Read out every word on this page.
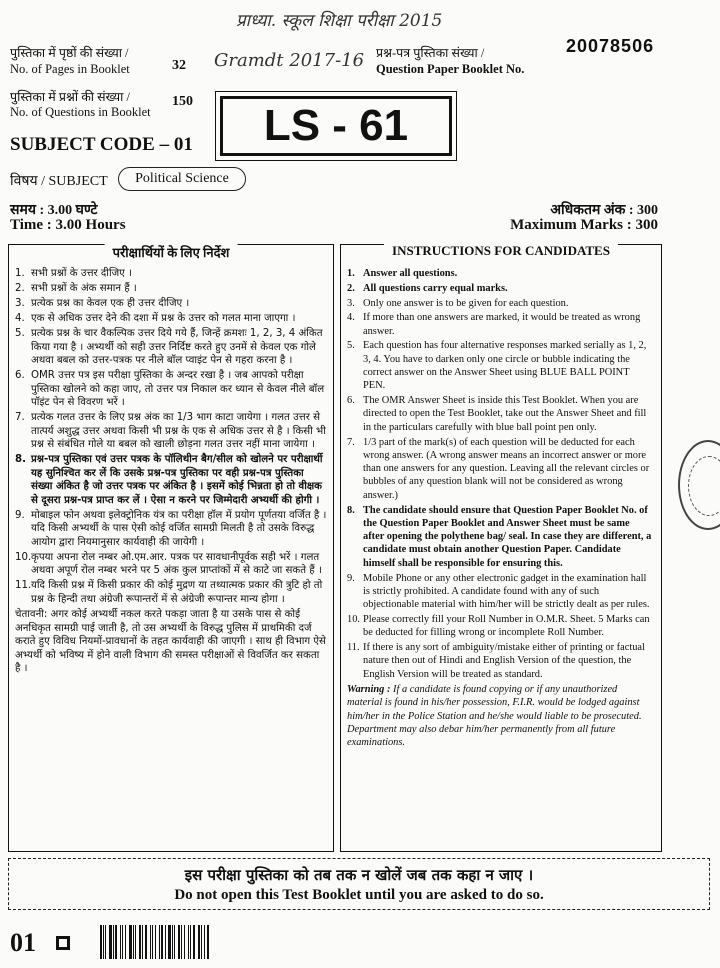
प्राध्या. स्कूल शिक्षा परीक्षा 2015
20078506
पुस्तिका में पृष्ठों की संख्या /
No. of Pages in Booklet	32 Gramdt 2017-16 प्रश्न-पत्र पुस्तिका संख्या /
Question Paper Booklet No.
पुस्तिका में प्रश्नों की संख्या /
No. of Questions in Booklet
150	LS - 61
SUBJECT CODE – 01
विषय / SUBJECT	Political Science
समय : 3.00 घण्टे
Time : 3.00 Hours
अधिकतम अंक : 300
Maximum Marks : 300
परीक्षार्थियों के लिए निर्देश
1. सभी प्रश्नों के उत्तर दीजिए ।
2. सभी प्रश्नों के अंक समान हैं ।
3. प्रत्येक प्रश्न का केवल एक ही उत्तर दीजिए ।
4. एक से अधिक उत्तर देने की दशा में प्रश्न के उत्तर को गलत माना जाएगा ।
5. प्रत्येक प्रश्न के चार वैकल्पिक उत्तर दिये गये हैं, जिन्हें क्रमशः 1, 2, 3, 4 अंकित किया गया है । अभ्यर्थी को सही उत्तर निर्दिष्ट करते हुए उनमें से केवल एक गोले अथवा बबल को उत्तर-पत्रक पर नीले बॉल प्वाइंट पेन से गहरा करना है ।
6. OMR उत्तर पत्र इस परीक्षा पुस्तिका के अन्दर रखा है । जब आपको परीक्षा पुस्तिका खोलने को कहा जाए, तो उत्तर पत्र निकाल कर ध्यान से केवल नीले बॉल पॉइंट पेन से विवरण भरें ।
7. प्रत्येक गलत उत्तर के लिए प्रश्न अंक का 1/3 भाग काटा जायेगा । गलत उत्तर से तात्पर्य अशुद्ध उत्तर अथवा किसी भी प्रश्न के एक से अधिक उत्तर से है । किसी भी प्रश्न से संबंधित गोले या बबल को खाली छोड़ना गलत उत्तर नहीं माना जायेगा ।
8. प्रश्न-पत्र पुस्तिका एवं उत्तर पत्रक के पॉलिथीन बैग/सील को खोलने पर परीक्षार्थी यह सुनिश्चित कर लें कि उसके प्रश्न-पत्र पुस्तिका पर वही प्रश्न-पत्र पुस्तिका संख्या अंकित है जो उत्तर पत्रक पर अंकित है । इसमें कोई भिन्नता हो तो वीक्षक से दूसरा प्रश्न-पत्र प्राप्त कर लें । ऐसा न करने पर जिम्मेदारी अभ्यर्थी की होगी ।
9. मोबाइल फोन अथवा इलेक्ट्रोनिक यंत्र का परीक्षा हॉल में प्रयोग पूर्णतया वर्जित है । यदि किसी अभ्यर्थी के पास ऐसी कोई वर्जित सामग्री मिलती है तो उसके विरुद्ध आयोग द्वारा नियमानुसार कार्यवाही की जायेगी ।
10. कृपया अपना रोल नम्बर ओ.एम.आर. पत्रक पर सावधानीपूर्वक सही भरें । गलत अथवा अपूर्ण रोल नम्बर भरने पर 5 अंक कुल प्राप्तांकों में से काटे जा सकते हैं ।
11. यदि किसी प्रश्न में किसी प्रकार की कोई मुद्रण या तथ्यात्मक प्रकार की त्रुटि हो तो प्रश्न के हिन्दी तथा अंग्रेजी रूपान्तरों में से अंग्रेजी रूपान्तर मान्य होगा ।
चेतावनी: अगर कोई अभ्यर्थी नकल करते पकड़ा जाता है या उसके पास से कोई अनधिकृत सामग्री पाई जाती है, तो उस अभ्यर्थी के विरुद्ध पुलिस में प्राथमिकी दर्ज कराते हुए विविध नियमों-प्रावधानों के तहत कार्यवाही की जाएगी । साथ ही विभाग ऐसे अभ्यर्थी को भविष्य में होने वाली विभाग की समस्त परीक्षाओं से विवर्जित कर सकता है ।
INSTRUCTIONS FOR CANDIDATES
1. Answer all questions.
2. All questions carry equal marks.
3. Only one answer is to be given for each question.
4. If more than one answers are marked, it would be treated as wrong answer.
5. Each question has four alternative responses marked serially as 1, 2, 3, 4. You have to darken only one circle or bubble indicating the correct answer on the Answer Sheet using BLUE BALL POINT PEN.
6. The OMR Answer Sheet is inside this Test Booklet. When you are directed to open the Test Booklet, take out the Answer Sheet and fill in the particulars carefully with blue ball point pen only.
7. 1/3 part of the mark(s) of each question will be deducted for each wrong answer. (A wrong answer means an incorrect answer or more than one answers for any question. Leaving all the relevant circles or bubbles of any question blank will not be considered as wrong answer.)
8. The candidate should ensure that Question Paper Booklet No. of the Question Paper Booklet and Answer Sheet must be same after opening the polythene bag/ seal. In case they are different, a candidate must obtain another Question Paper. Candidate himself shall be responsible for ensuring this.
9. Mobile Phone or any other electronic gadget in the examination hall is strictly prohibited. A candidate found with any of such objectionable material with him/her will be strictly dealt as per rules.
10. Please correctly fill your Roll Number in O.M.R. Sheet. 5 Marks can be deducted for filling wrong or incomplete Roll Number.
11. If there is any sort of ambiguity/mistake either of printing or factual nature then out of Hindi and English Version of the question, the English Version will be treated as standard.
Warning : If a candidate is found copying or if any unauthorized material is found in his/her possession, F.I.R. would be lodged against him/her in the Police Station and he/she would liable to be prosecuted. Department may also debar him/her permanently from all future examinations.
इस परीक्षा पुस्तिका को तब तक न खोलें जब तक कहा न जाए ।
Do not open this Test Booklet until you are asked to do so.
01
